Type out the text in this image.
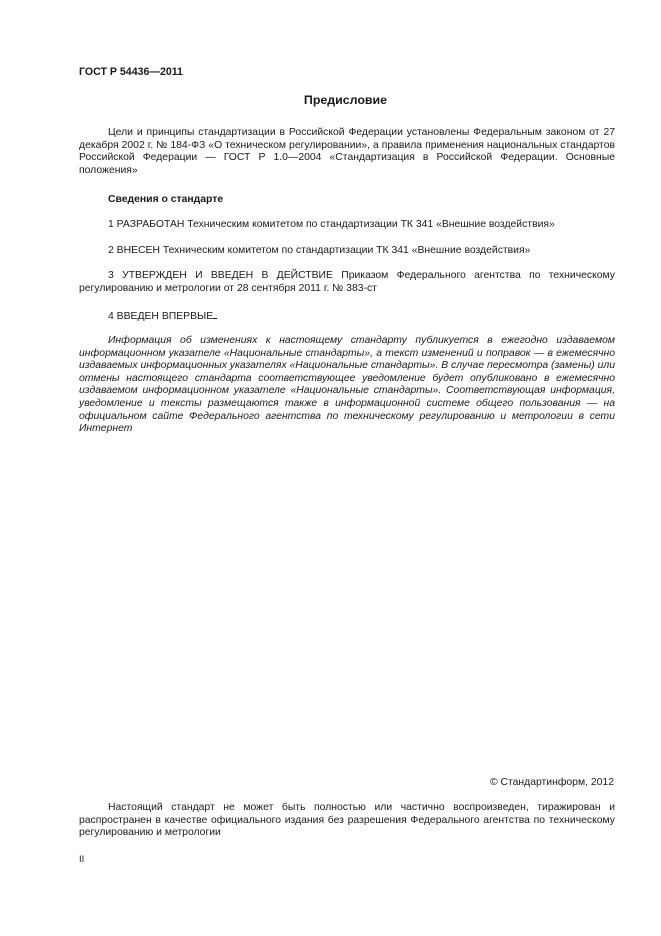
ГОСТ Р 54436—2011
Предисловие

Цели и принципы стандартизации в Российской Федерации установлены Федеральным законом от 27 декабря 2002 г. № 184-ФЗ «О техническом регулировании», а правила применения национальных стандартов Российской Федерации — ГОСТ Р 1.0—2004 «Стандартизация в Российской Федерации. Основные положения»

Сведения о стандарте

1 РАЗРАБОТАН Техническим комитетом по стандартизации ТК 341 «Внешние воздействия»

2 ВНЕСЕН Техническим комитетом по стандартизации ТК 341 «Внешние воздействия»

3 УТВЕРЖДЕН И ВВЕДЕН В ДЕЙСТВИЕ Приказом Федерального агентства по техническому регулированию и метрологии от 28 сентября 2011 г. № 383-ст

4 ВВЕДЕН ВПЕРВЫЕ

Информация об изменениях к настоящему стандарту публикуется в ежегодно издаваемом информационном указателе «Национальные стандарты», а текст изменений и поправок — в ежемесячно издаваемых информационных указателях «Национальные стандарты». В случае пересмотра (замены) или отмены настоящего стандарта соответствующее уведомление будет опубликовано в ежемесячно издаваемом информационном указателе «Национальные стандарты». Соответствующая информация, уведомление и тексты размещаются также в информационной системе общего пользования — на официальном сайте Федерального агентства по техническому регулированию и метрологии в сети Интернет

© Стандартинформ, 2012

Настоящий стандарт не может быть полностью или частично воспроизведен, тиражирован и распространен в качестве официального издания без разрешения Федерального агентства по техническому регулированию и метрологии

II
